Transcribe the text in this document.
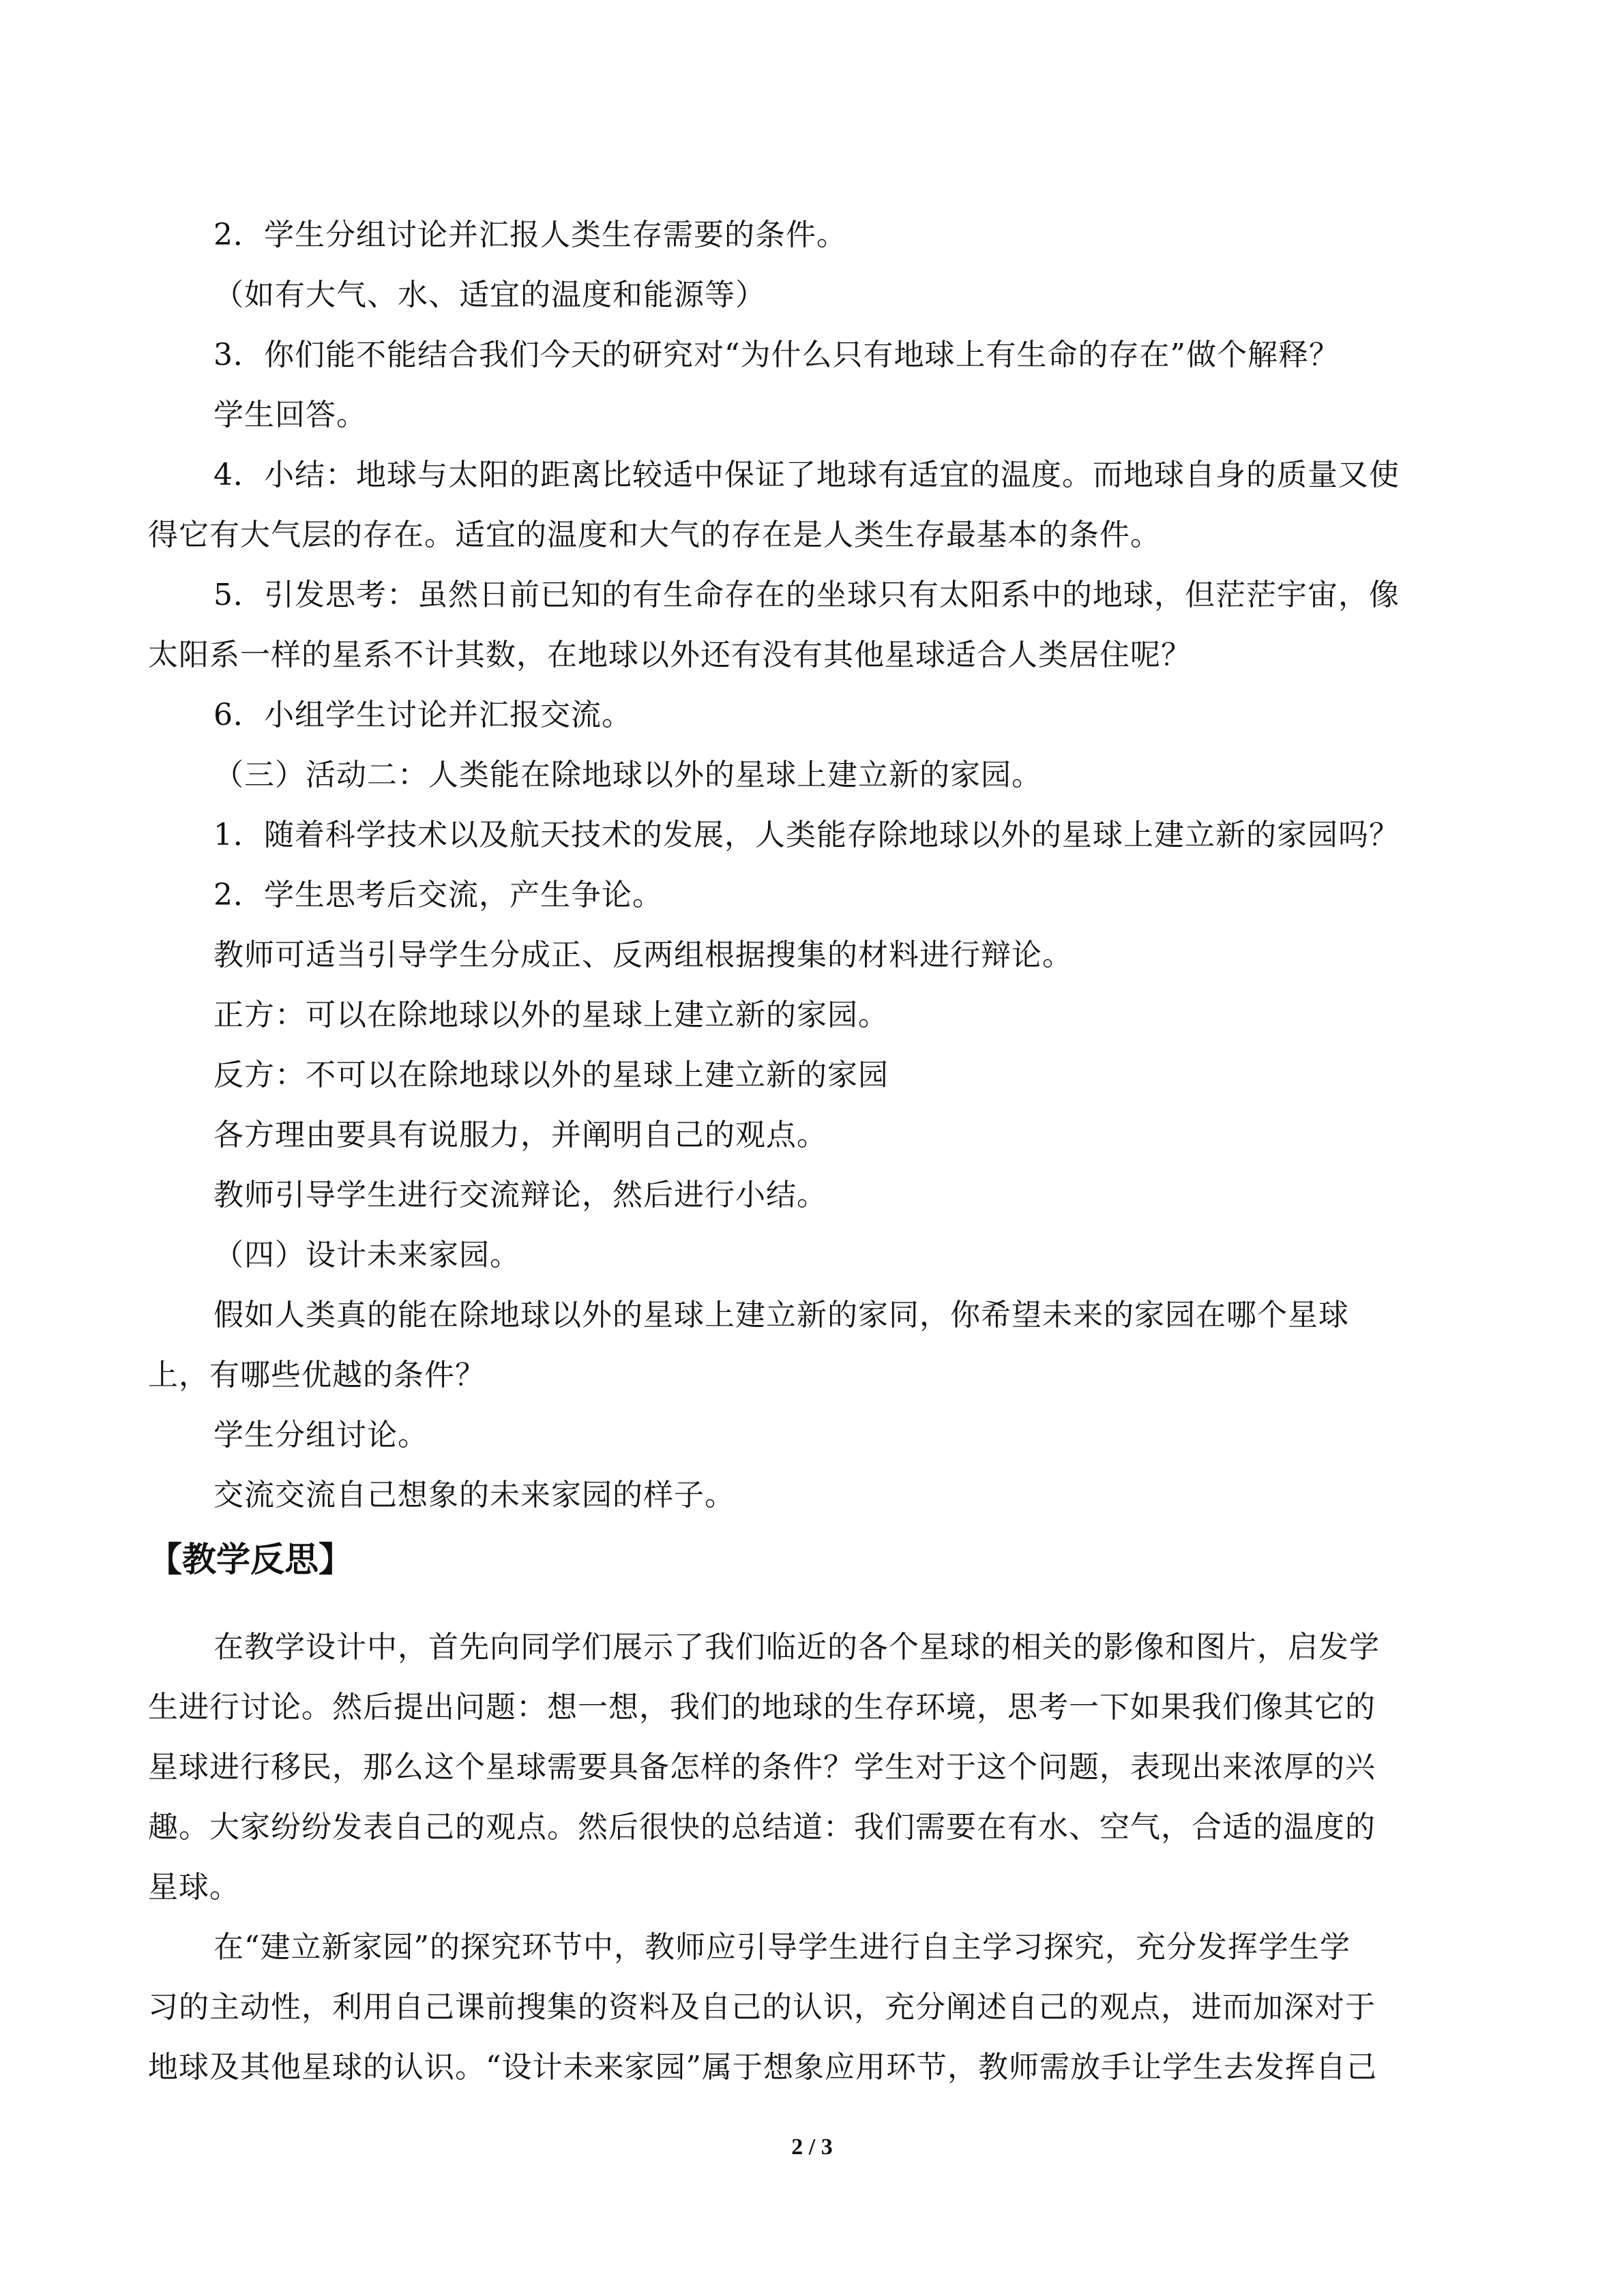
2．学生分组讨论并汇报人类生存需要的条件。
（如有大气、水、适宜的温度和能源等）
3．你们能不能结合我们今天的研究对“为什么只有地球上有生命的存在”做个解释？
学生回答。
4．小结：地球与太阳的距离比较适中保证了地球有适宜的温度。而地球自身的质量又使
得它有大气层的存在。适宜的温度和大气的存在是人类生存最基本的条件。
5．引发思考：虽然日前已知的有生命存在的坐球只有太阳系中的地球，但茫茫宇宙，像
太阳系一样的星系不计其数，在地球以外还有没有其他星球适合人类居住呢？
6．小组学生讨论并汇报交流。
（三）活动二：人类能在除地球以外的星球上建立新的家园。
1．随着科学技术以及航天技术的发展，人类能存除地球以外的星球上建立新的家园吗？
2．学生思考后交流，产生争论。
教师可适当引导学生分成正、反两组根据搜集的材料进行辩论。
正方：可以在除地球以外的星球上建立新的家园。
反方：不可以在除地球以外的星球上建立新的家园
各方理由要具有说服力，并阐明自己的观点。
教师引导学生进行交流辩论，然后进行小结。
（四）设计未来家园。
假如人类真的能在除地球以外的星球上建立新的家同，你希望未来的家园在哪个星球
上，有哪些优越的条件？
学生分组讨论。
交流交流自己想象的未来家园的样子。
【教学反思】
在教学设计中，首先向同学们展示了我们临近的各个星球的相关的影像和图片，启发学
生进行讨论。然后提出问题：想一想，我们的地球的生存环境，思考一下如果我们像其它的
星球进行移民，那么这个星球需要具备怎样的条件？学生对于这个问题，表现出来浓厚的兴
趣。大家纷纷发表自己的观点。然后很快的总结道：我们需要在有水、空气，合适的温度的
星球。
在“建立新家园”的探究环节中，教师应引导学生进行自主学习探究，充分发挥学生学
习的主动性，利用自己课前搜集的资料及自己的认识，充分阐述自己的观点，进而加深对于
地球及其他星球的认识。“设计未来家园”属于想象应用环节，教师需放手让学生去发挥自己
2 / 3
